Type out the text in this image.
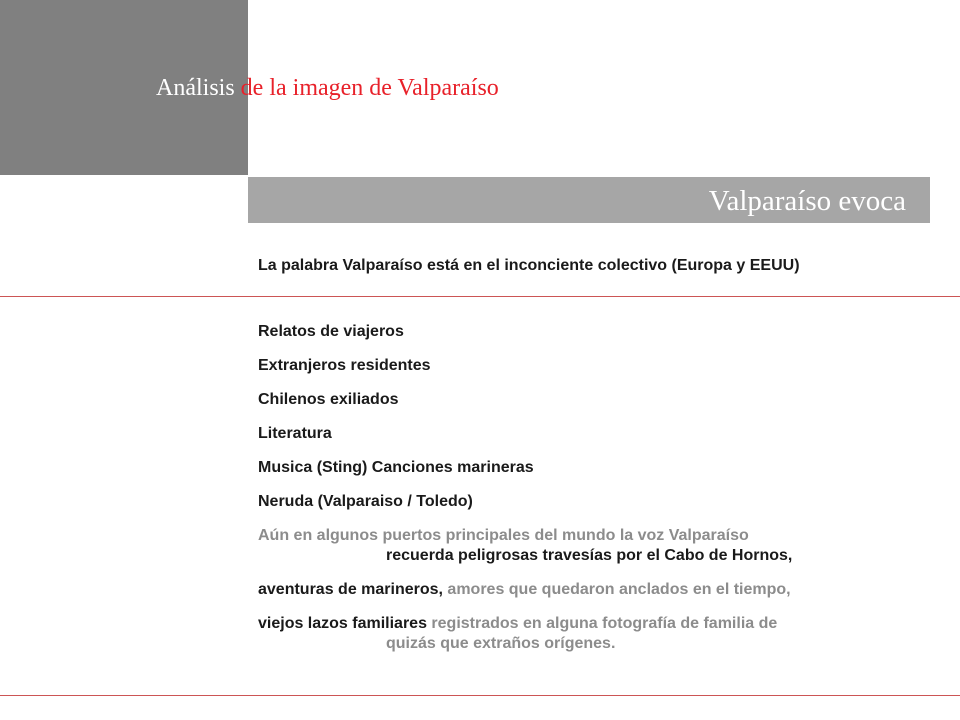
Análisis de la imagen de Valparaíso
Valparaíso evoca
La palabra Valparaíso está en el inconciente colectivo (Europa y EEUU)
Relatos de viajeros
Extranjeros residentes
Chilenos exiliados
Literatura
Musica (Sting) Canciones marineras
Neruda (Valparaiso / Toledo)
Aún en algunos puertos principales del mundo la voz Valparaíso
recuerda peligrosas travesías por el Cabo de Hornos,
aventuras de marineros, amores que quedaron anclados en el tiempo,
viejos lazos familiares registrados en alguna fotografía de familia de
quizás que extraños orígenes.
